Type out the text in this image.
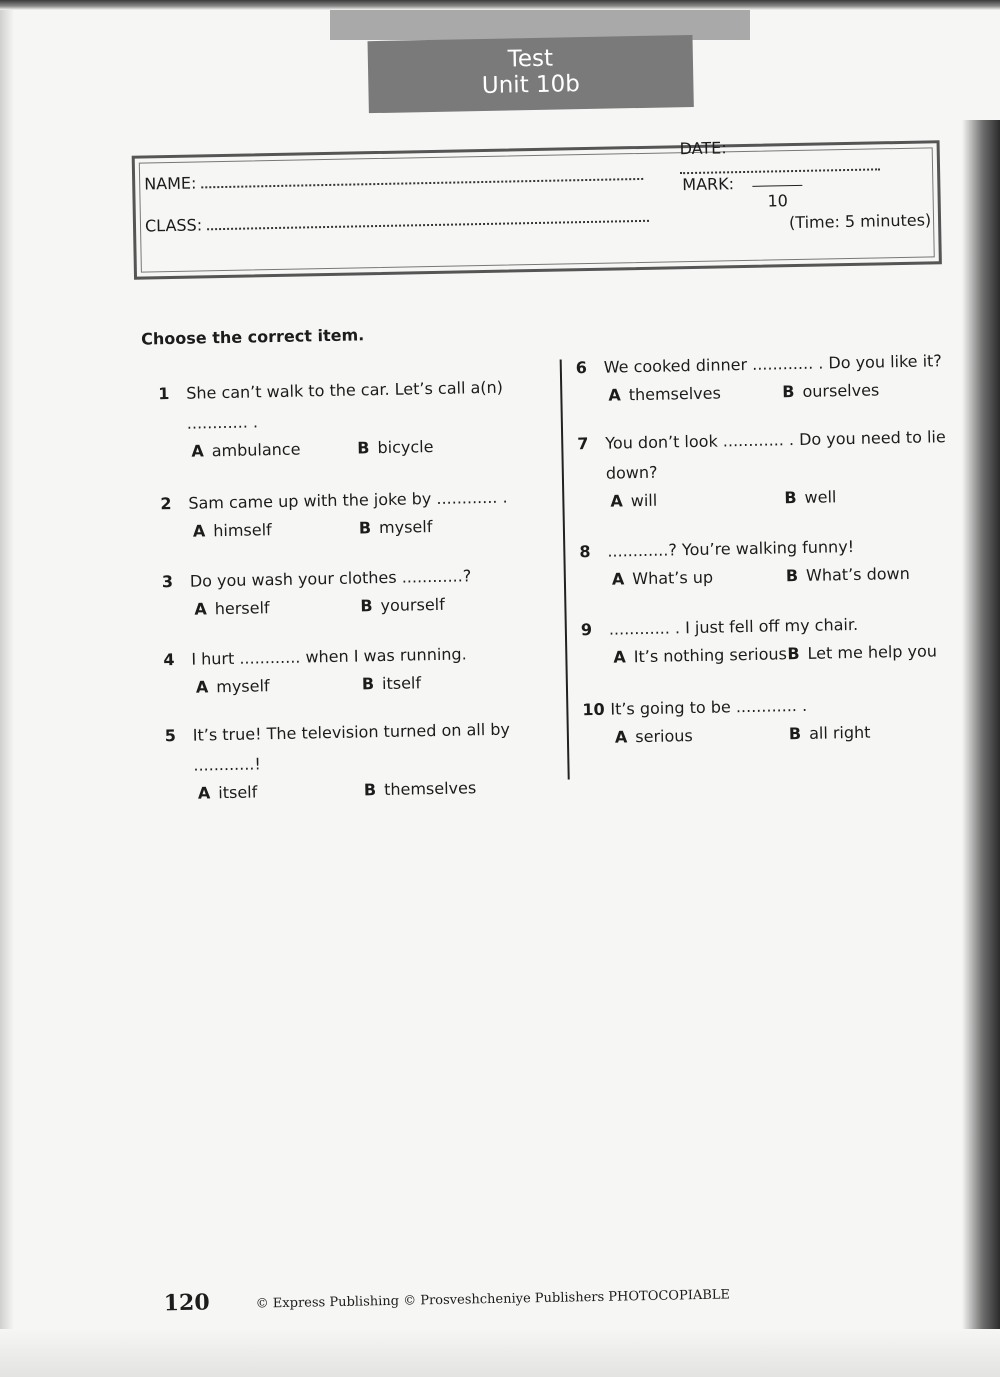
Test
Unit 10b
NAME:
CLASS:
DATE:
MARK:
10
(Time: 5 minutes)
Choose the correct item.
1 She can’t walk to the car. Let’s call a(n)
............ .
A ambulance	B bicycle
2 Sam came up with the joke by ............ .
A himself	B myself
3 Do you wash your clothes ............?
A herself	B yourself
4 I hurt ............ when I was running.
A myself	B itself
5 It’s true! The television turned on all by
............!
A itself	B themselves
6 We cooked dinner ............ . Do you like it?
A themselves	B ourselves
7 You don’t look ............ . Do you need to lie
down?
A will	B well
8 ............? You’re walking funny!
A What’s up	B What’s down
9 ............ . I just fell off my chair.
A It’s nothing serious B Let me help you
10 It’s going to be ............ .
A serious	B all right
120	© Express Publishing © Prosveshcheniye Publishers PHOTOCOPIABLE
